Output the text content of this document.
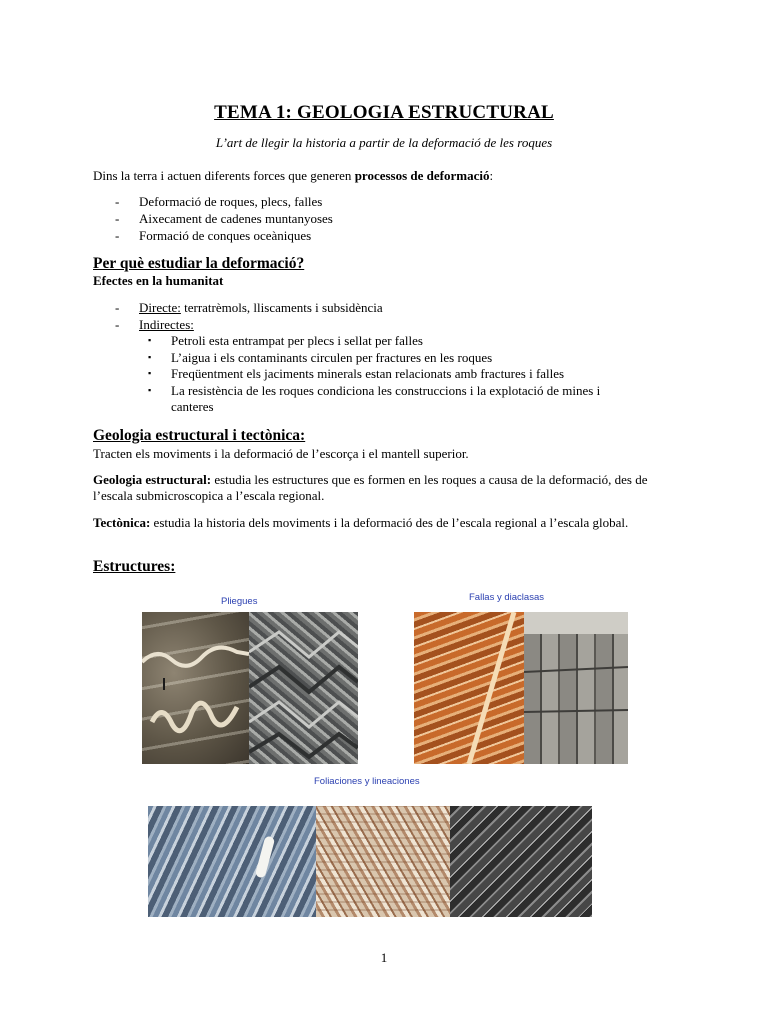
TEMA 1: GEOLOGIA ESTRUCTURAL
L’art de llegir la historia a partir de la deformació de les roques
Dins la terra i actuen diferents forces que generen processos de deformació:
- Deformació de roques, plecs, falles
- Aixecament de cadenes muntanyoses
- Formació de conques oceàniques
Per què estudiar la deformació?
Efectes en la humanitat
- Directe: terratrèmols, lliscaments i subsidència
- Indirectes:
▪ Petroli esta entrampat per plecs i sellat per falles
▪ L’aigua i els contaminants circulen per fractures en les roques
▪ Freqüentment els jaciments minerals estan relacionats amb fractures i falles
▪ La resistència de les roques condiciona les construccions i la explotació de mines i canteres
Geologia estructural i tectònica:
Tracten els moviments i la deformació de l’escorça i el mantell superior.
Geologia estructural: estudia les estructures que es formen en les roques a causa de la deformació, des de l’escala submicroscopica a l’escala regional.
Tectònica: estudia la historia dels moviments i la deformació des de l’escala regional a l’escala global.
Estructures:
Pliegues	Fallas y diaclasas
Foliaciones y lineaciones
1
